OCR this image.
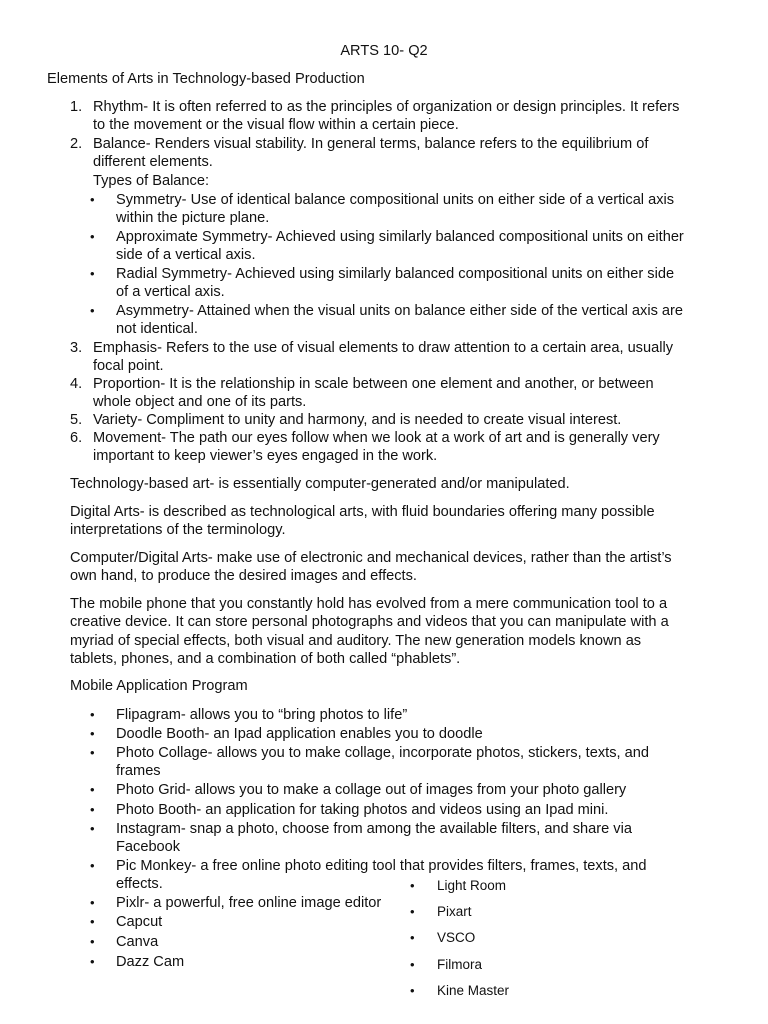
ARTS 10- Q2
Elements of Arts in Technology-based Production
1. Rhythm- It is often referred to as the principles of organization or design principles. It refers
to the movement or the visual flow within a certain piece.
2. Balance- Renders visual stability. In general terms, balance refers to the equilibrium of
different elements.
Types of Balance:
• Symmetry- Use of identical balance compositional units on either side of a vertical axis
within the picture plane.
• Approximate Symmetry- Achieved using similarly balanced compositional units on either
side of a vertical axis.
• Radial Symmetry- Achieved using similarly balanced compositional units on either side
of a vertical axis.
• Asymmetry- Attained when the visual units on balance either side of the vertical axis are
not identical.
3. Emphasis- Refers to the use of visual elements to draw attention to a certain area, usually
focal point.
4. Proportion- It is the relationship in scale between one element and another, or between
whole object and one of its parts.
5. Variety- Compliment to unity and harmony, and is needed to create visual interest.
6. Movement- The path our eyes follow when we look at a work of art and is generally very
important to keep viewer’s eyes engaged in the work.
Technology-based art- is essentially computer-generated and/or manipulated.
Digital Arts- is described as technological arts, with fluid boundaries offering many possible
interpretations of the terminology.
Computer/Digital Arts- make use of electronic and mechanical devices, rather than the artist’s
own hand, to produce the desired images and effects.
The mobile phone that you constantly hold has evolved from a mere communication tool to a
creative device. It can store personal photographs and videos that you can manipulate with a
myriad of special effects, both visual and auditory. The new generation models known as
tablets, phones, and a combination of both called “phablets”.
Mobile Application Program
• Flipagram- allows you to “bring photos to life”
• Doodle Booth- an Ipad application enables you to doodle
• Photo Collage- allows you to make collage, incorporate photos, stickers, texts, and
frames
• Photo Grid- allows you to make a collage out of images from your photo gallery
• Photo Booth- an application for taking photos and videos using an Ipad mini.
• Instagram- snap a photo, choose from among the available filters, and share via
Facebook
• Pic Monkey- a free online photo editing tool that provides filters, frames, texts, and
effects.
• Pixlr- a powerful, free online image editor
• Capcut
• Canva
• Dazz Cam
• Light Room
• Pixart
• VSCO
• Filmora
• Kine Master
